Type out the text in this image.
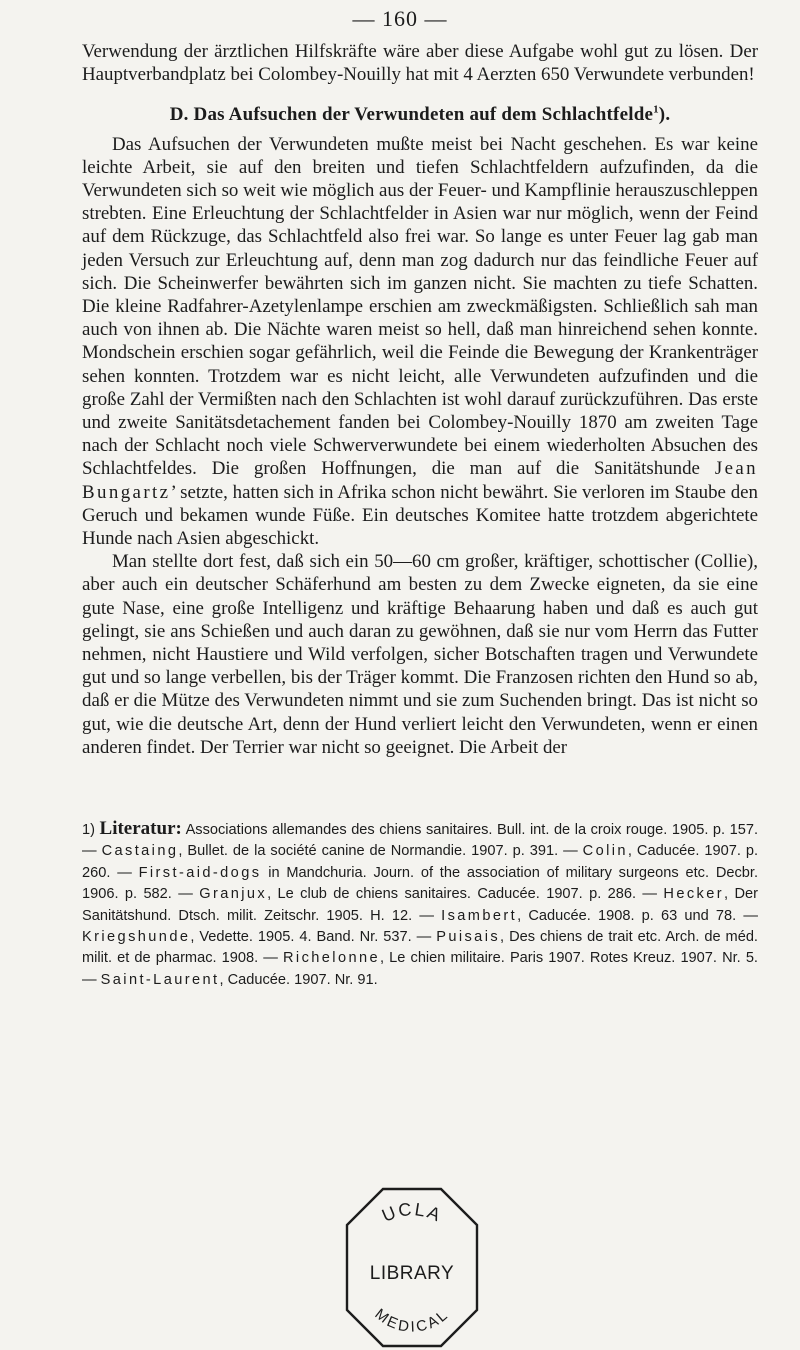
— 160 —

Verwendung der ärztlichen Hilfskräfte wäre aber diese Aufgabe wohl gut zu lösen. Der Hauptverbandplatz bei Colombey-Nouilly hat mit 4 Aerzten 650 Verwundete verbunden!

D. Das Aufsuchen der Verwundeten auf dem Schlachtfelde$^1$).

Das Aufsuchen der Verwundeten mußte meist bei Nacht geschehen. Es war keine leichte Arbeit, sie auf den breiten und tiefen Schlachtfeldern aufzufinden, da die Verwundeten sich so weit wie möglich aus der Feuer- und Kampflinie herauszuschleppen strebten. Eine Erleuchtung der Schlachtfelder in Asien war nur möglich, wenn der Feind auf dem Rückzuge, das Schlachtfeld also frei war. So lange es unter Feuer lag gab man jeden Versuch zur Erleuchtung auf, denn man zog dadurch nur das feindliche Feuer auf sich. Die Scheinwerfer bewährten sich im ganzen nicht. Sie machten zu tiefe Schatten. Die kleine Radfahrer-Azetylenlampe erschien am zweckmäßigsten. Schließlich sah man auch von ihnen ab. Die Nächte waren meist so hell, daß man hinreichend sehen konnte. Mondschein erschien sogar gefährlich, weil die Feinde die Bewegung der Krankenträger sehen konnten. Trotzdem war es nicht leicht, alle Verwundeten aufzufinden und die große Zahl der Vermißten nach den Schlachten ist wohl darauf zurückzuführen. Das erste und zweite Sanitätsdetachement fanden bei Colombey-Nouilly 1870 am zweiten Tage nach der Schlacht noch viele Schwerverwundete bei einem wiederholten Absuchen des Schlachtfeldes. Die großen Hoffnungen, die man auf die Sanitätshunde Jean Bungartz’ setzte, hatten sich in Afrika schon nicht bewährt. Sie verloren im Staube den Geruch und bekamen wunde Füße. Ein deutsches Komitee hatte trotzdem abgerichtete Hunde nach Asien abgeschickt.

Man stellte dort fest, daß sich ein 50—60 cm großer, kräftiger, schottischer (Collie), aber auch ein deutscher Schäferhund am besten zu dem Zwecke eigneten, da sie eine gute Nase, eine große Intelligenz und kräftige Behaarung haben und daß es auch gut gelingt, sie ans Schießen und auch daran zu gewöhnen, daß sie nur vom Herrn das Futter nehmen, nicht Haustiere und Wild verfolgen, sicher Botschaften tragen und Verwundete gut und so lange verbellen, bis der Träger kommt. Die Franzosen richten den Hund so ab, daß er die Mütze des Verwundeten nimmt und sie zum Suchenden bringt. Das ist nicht so gut, wie die deutsche Art, denn der Hund verliert leicht den Verwundeten, wenn er einen anderen findet. Der Terrier war nicht so geeignet. Die Arbeit der

1) Literatur: Associations allemandes des chiens sanitaires. Bull. int. de la croix rouge. 1905. p. 157. — Castaing, Bullet. de la société canine de Normandie. 1907. p. 391. — Colin, Caducée. 1907. p. 260. — First-aid-dogs in Mandchuria. Journ. of the association of military surgeons etc. Decbr. 1906. p. 582. — Granjux, Le club de chiens sanitaires. Caducée. 1907. p. 286. — Hecker, Der Sanitätshund. Dtsch. milit. Zeitschr. 1905. H. 12. — Isambert, Caducée. 1908. p. 63 und 78. — Kriegshunde, Vedette. 1905. 4. Band. Nr. 537. — Puisais, Des chiens de trait etc. Arch. de méd. milit. et de pharmac. 1908. — Richelonne, Le chien militaire. Paris 1907. Rotes Kreuz. 1907. Nr. 5. — Saint-Laurent, Caducée. 1907. Nr. 91.
UCLA
LIBRARY
MEDICAL
